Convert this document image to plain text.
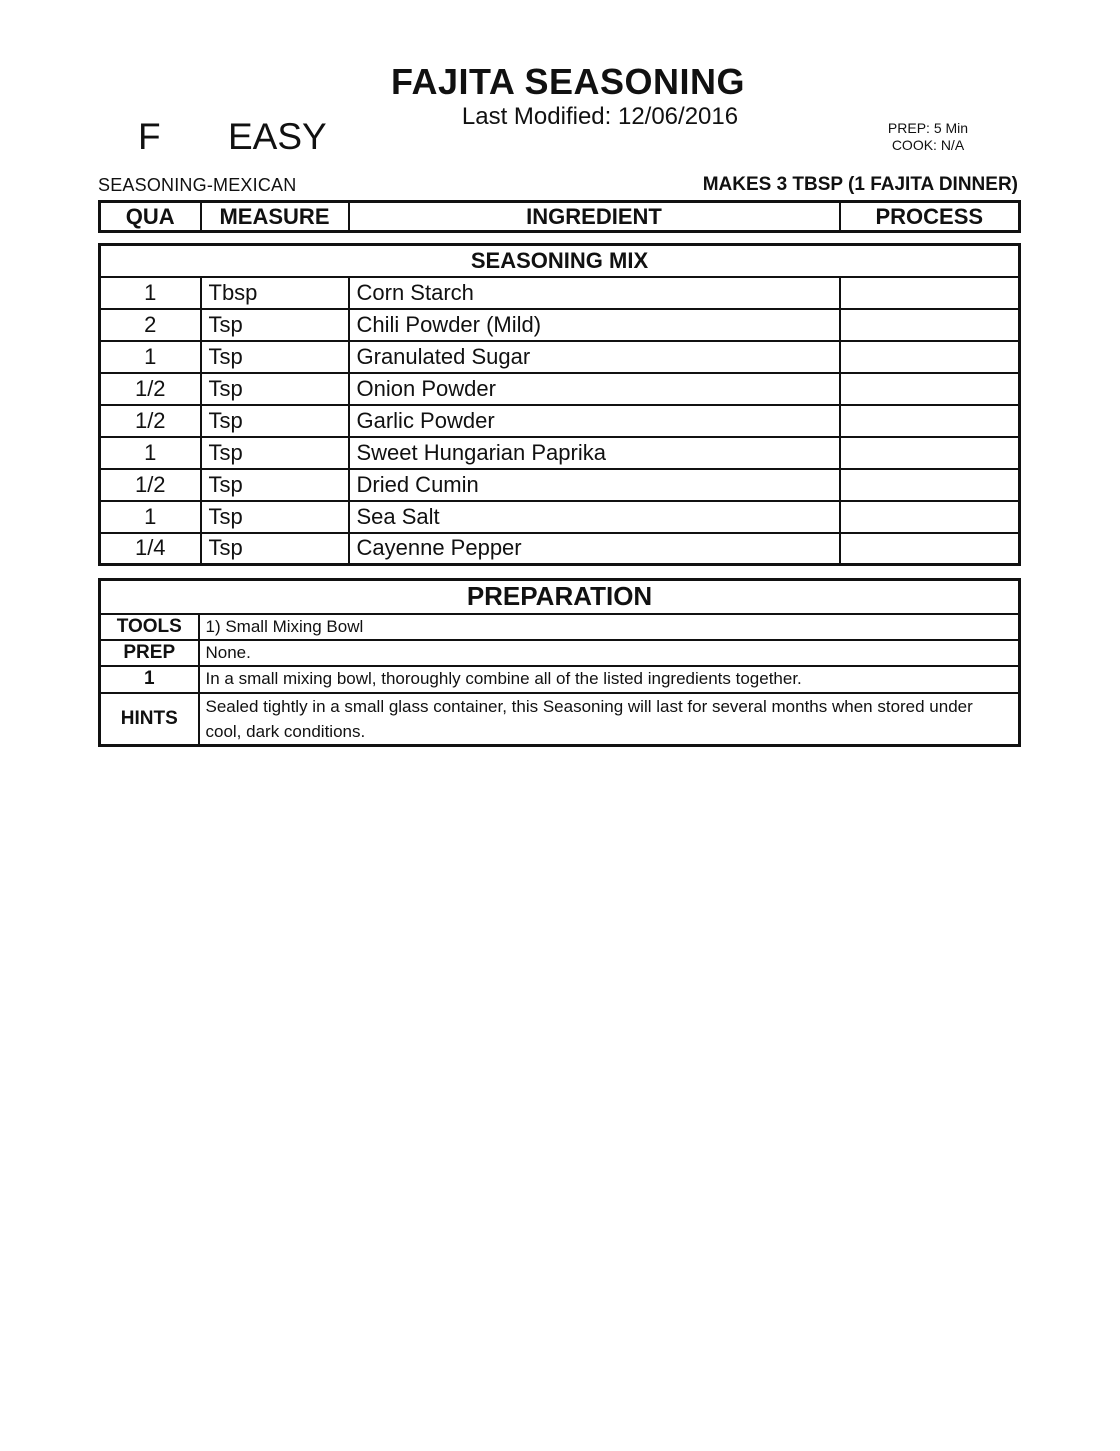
FAJITA SEASONING
Last Modified: 12/06/2016
F EASY	PREP: 5 Min
COOK: N/A
SEASONING-MEXICAN	MAKES 3 TBSP (1 FAJITA DINNER)
QUA	MEASURE	INGREDIENT	PROCESS
SEASONING MIX			
1	Tbsp	Corn Starch	
2	Tsp	Chili Powder (Mild)	
1	Tsp	Granulated Sugar	
1/2	Tsp	Onion Powder	
1/2	Tsp	Garlic Powder	
1	Tsp	Sweet Hungarian Paprika	
1/2	Tsp	Dried Cumin	
1	Tsp	Sea Salt	
1/4	Tsp	Cayenne Pepper	
PREPARATION	
TOOLS	1) Small Mixing Bowl
PREP	None.
1	In a small mixing bowl, thoroughly combine all of the listed ingredients together.
HINTS	Sealed tightly in a small glass container, this Seasoning will last for several months when stored under cool, dark conditions.
